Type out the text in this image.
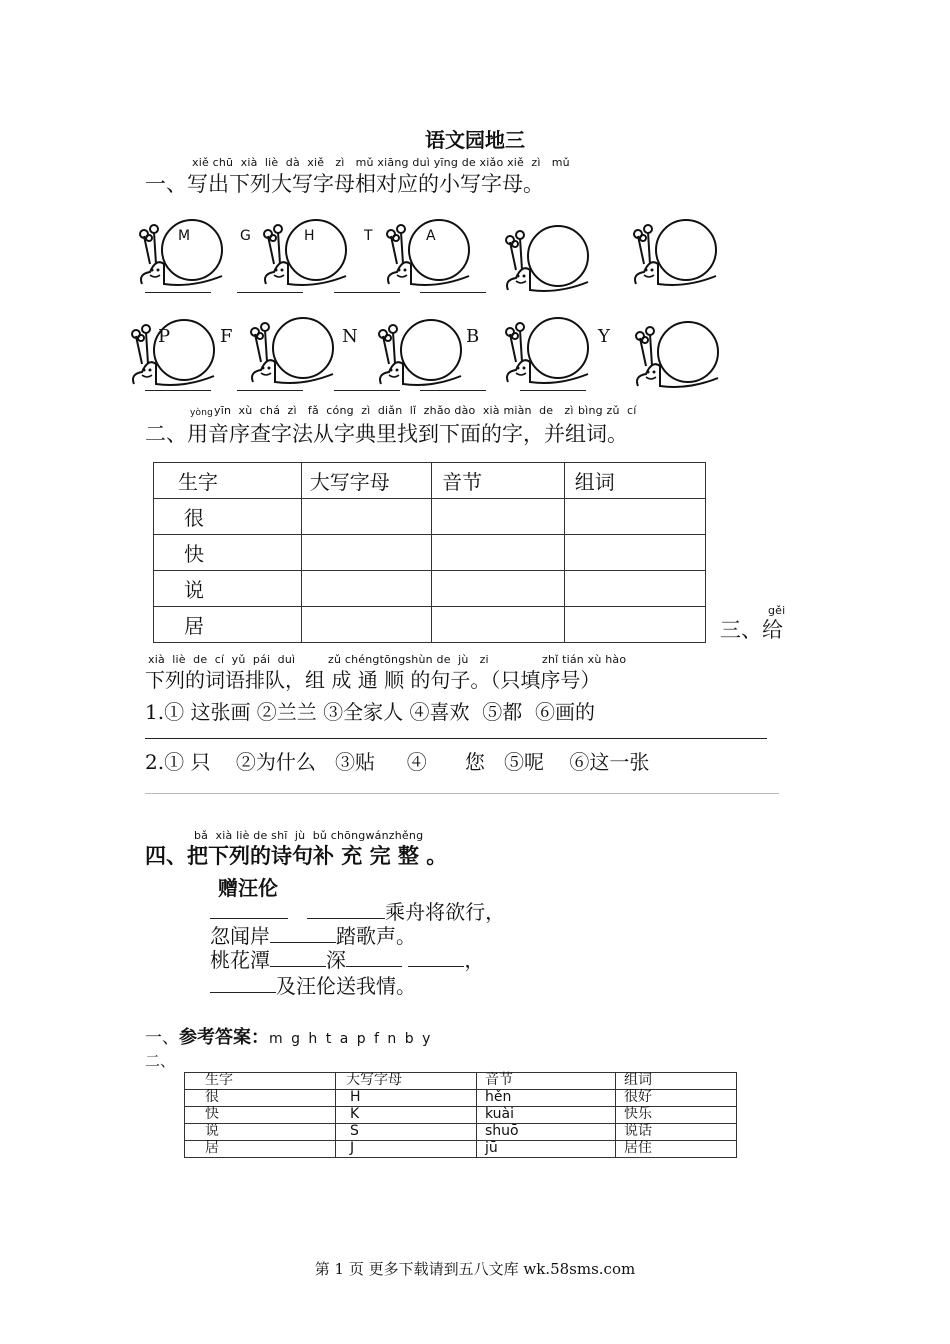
语文园地三
xiě chū  xià  liè  dà  xiě   zì   mǔ xiāng duì yīng de xiǎo xiě  zì   mǔ
一、写出下列大写字母相对应的小写字母。
M	G	H	T	A
P	F	N	B	Y
yòng yīn  xù  chá  zì   fǎ  cóng  zì  diǎn  lǐ  zhǎo dào  xià miàn  de   zì bìng zǔ  cí
二、用音序查字法从字典里找到下面的字，并组词。
生字	大写字母	音节	组词
很			
快			
说			
居			
gěi
三、给
xià  liè  de  cí  yǔ  pái  duì	zǔ chéngtōngshùn de  jù   zi	zhǐ tián xù hào
下列的词语排队，组 成 通 顺 的句子。（只填序号）
1.① 这张画 ②兰兰 ③全家人 ④喜欢  ⑤都  ⑥画的
2.① 只    ②为什么   ③贴     ④      您   ⑤呢    ⑥这一张
bǎ  xià liè de shī  jù  bǔ chōngwánzhěng
四、把下列的诗句补 充 完 整 。
赠汪伦
乘舟将欲行，
忽闻岸	踏歌声。
桃花潭	深	，
及汪伦送我情。
一、参考答案：m g h t a p f n b y
二、
生字	大写字母	音节	组词
很	H	hěn	很好
快	K	kuài	快乐
说	S	shuō	说话
居	J	jū	居住
第 1 页 更多下载请到五八文库 wk.58sms.com
